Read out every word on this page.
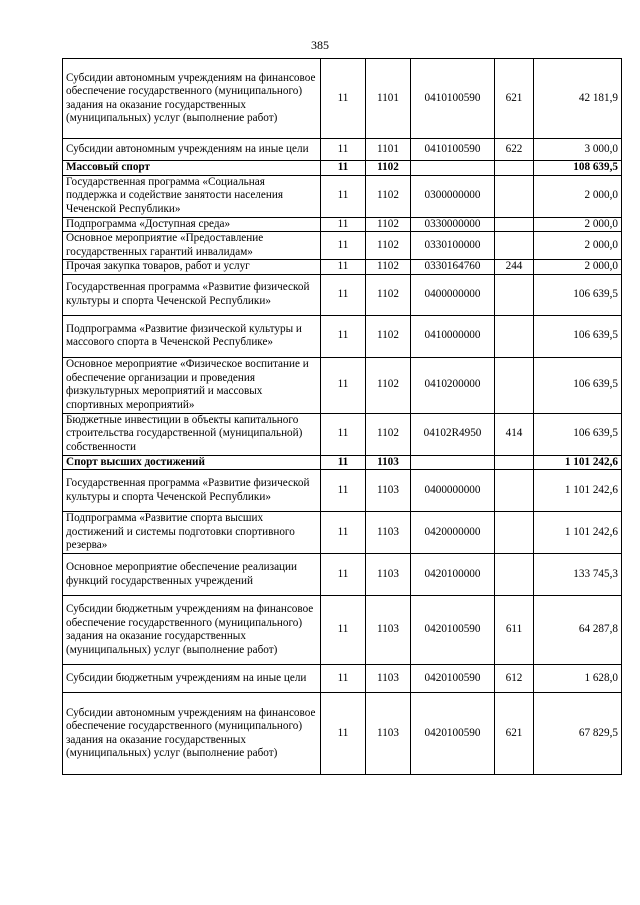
385
Субсидии автономным учреждениям на финансовое обеспечение государственного (муниципального) задания на оказание государственных (муниципальных) услуг (выполнение работ)	11	1101	0410100590	621	42 181,9
Субсидии автономным учреждениям на иные цели	11	1101	0410100590	622	3 000,0
Массовый спорт	11	1102			108 639,5
Государственная программа «Социальная поддержка и содействие занятости населения Чеченской Республики»	11	1102	0300000000		2 000,0
Подпрограмма «Доступная среда»	11	1102	0330000000		2 000,0
Основное мероприятие «Предоставление государственных гарантий инвалидам»	11	1102	0330100000		2 000,0
Прочая закупка товаров, работ и услуг	11	1102	0330164760	244	2 000,0
Государственная программа «Развитие физической культуры и спорта Чеченской Республики»	11	1102	0400000000		106 639,5
Подпрограмма «Развитие физической культуры и массового спорта в Чеченской Республике»	11	1102	0410000000		106 639,5
Основное мероприятие «Физическое воспитание и обеспечение организации и проведения физкультурных мероприятий и массовых спортивных мероприятий»	11	1102	0410200000		106 639,5
Бюджетные инвестиции в объекты капитального строительства государственной (муниципальной) собственности	11	1102	04102R4950	414	106 639,5
Спорт высших достижений	11	1103			1 101 242,6
Государственная программа «Развитие физической культуры и спорта Чеченской Республики»	11	1103	0400000000		1 101 242,6
Подпрограмма «Развитие спорта высших достижений и системы подготовки спортивного резерва»	11	1103	0420000000		1 101 242,6
Основное мероприятие обеспечение реализации функций государственных учреждений	11	1103	0420100000		133 745,3
Субсидии бюджетным учреждениям на финансовое обеспечение государственного (муниципального) задания на оказание государственных (муниципальных) услуг (выполнение работ)	11	1103	0420100590	611	64 287,8
Субсидии бюджетным учреждениям на иные цели	11	1103	0420100590	612	1 628,0
Субсидии автономным учреждениям на финансовое обеспечение государственного (муниципального) задания на оказание государственных (муниципальных) услуг (выполнение работ)	11	1103	0420100590	621	67 829,5
